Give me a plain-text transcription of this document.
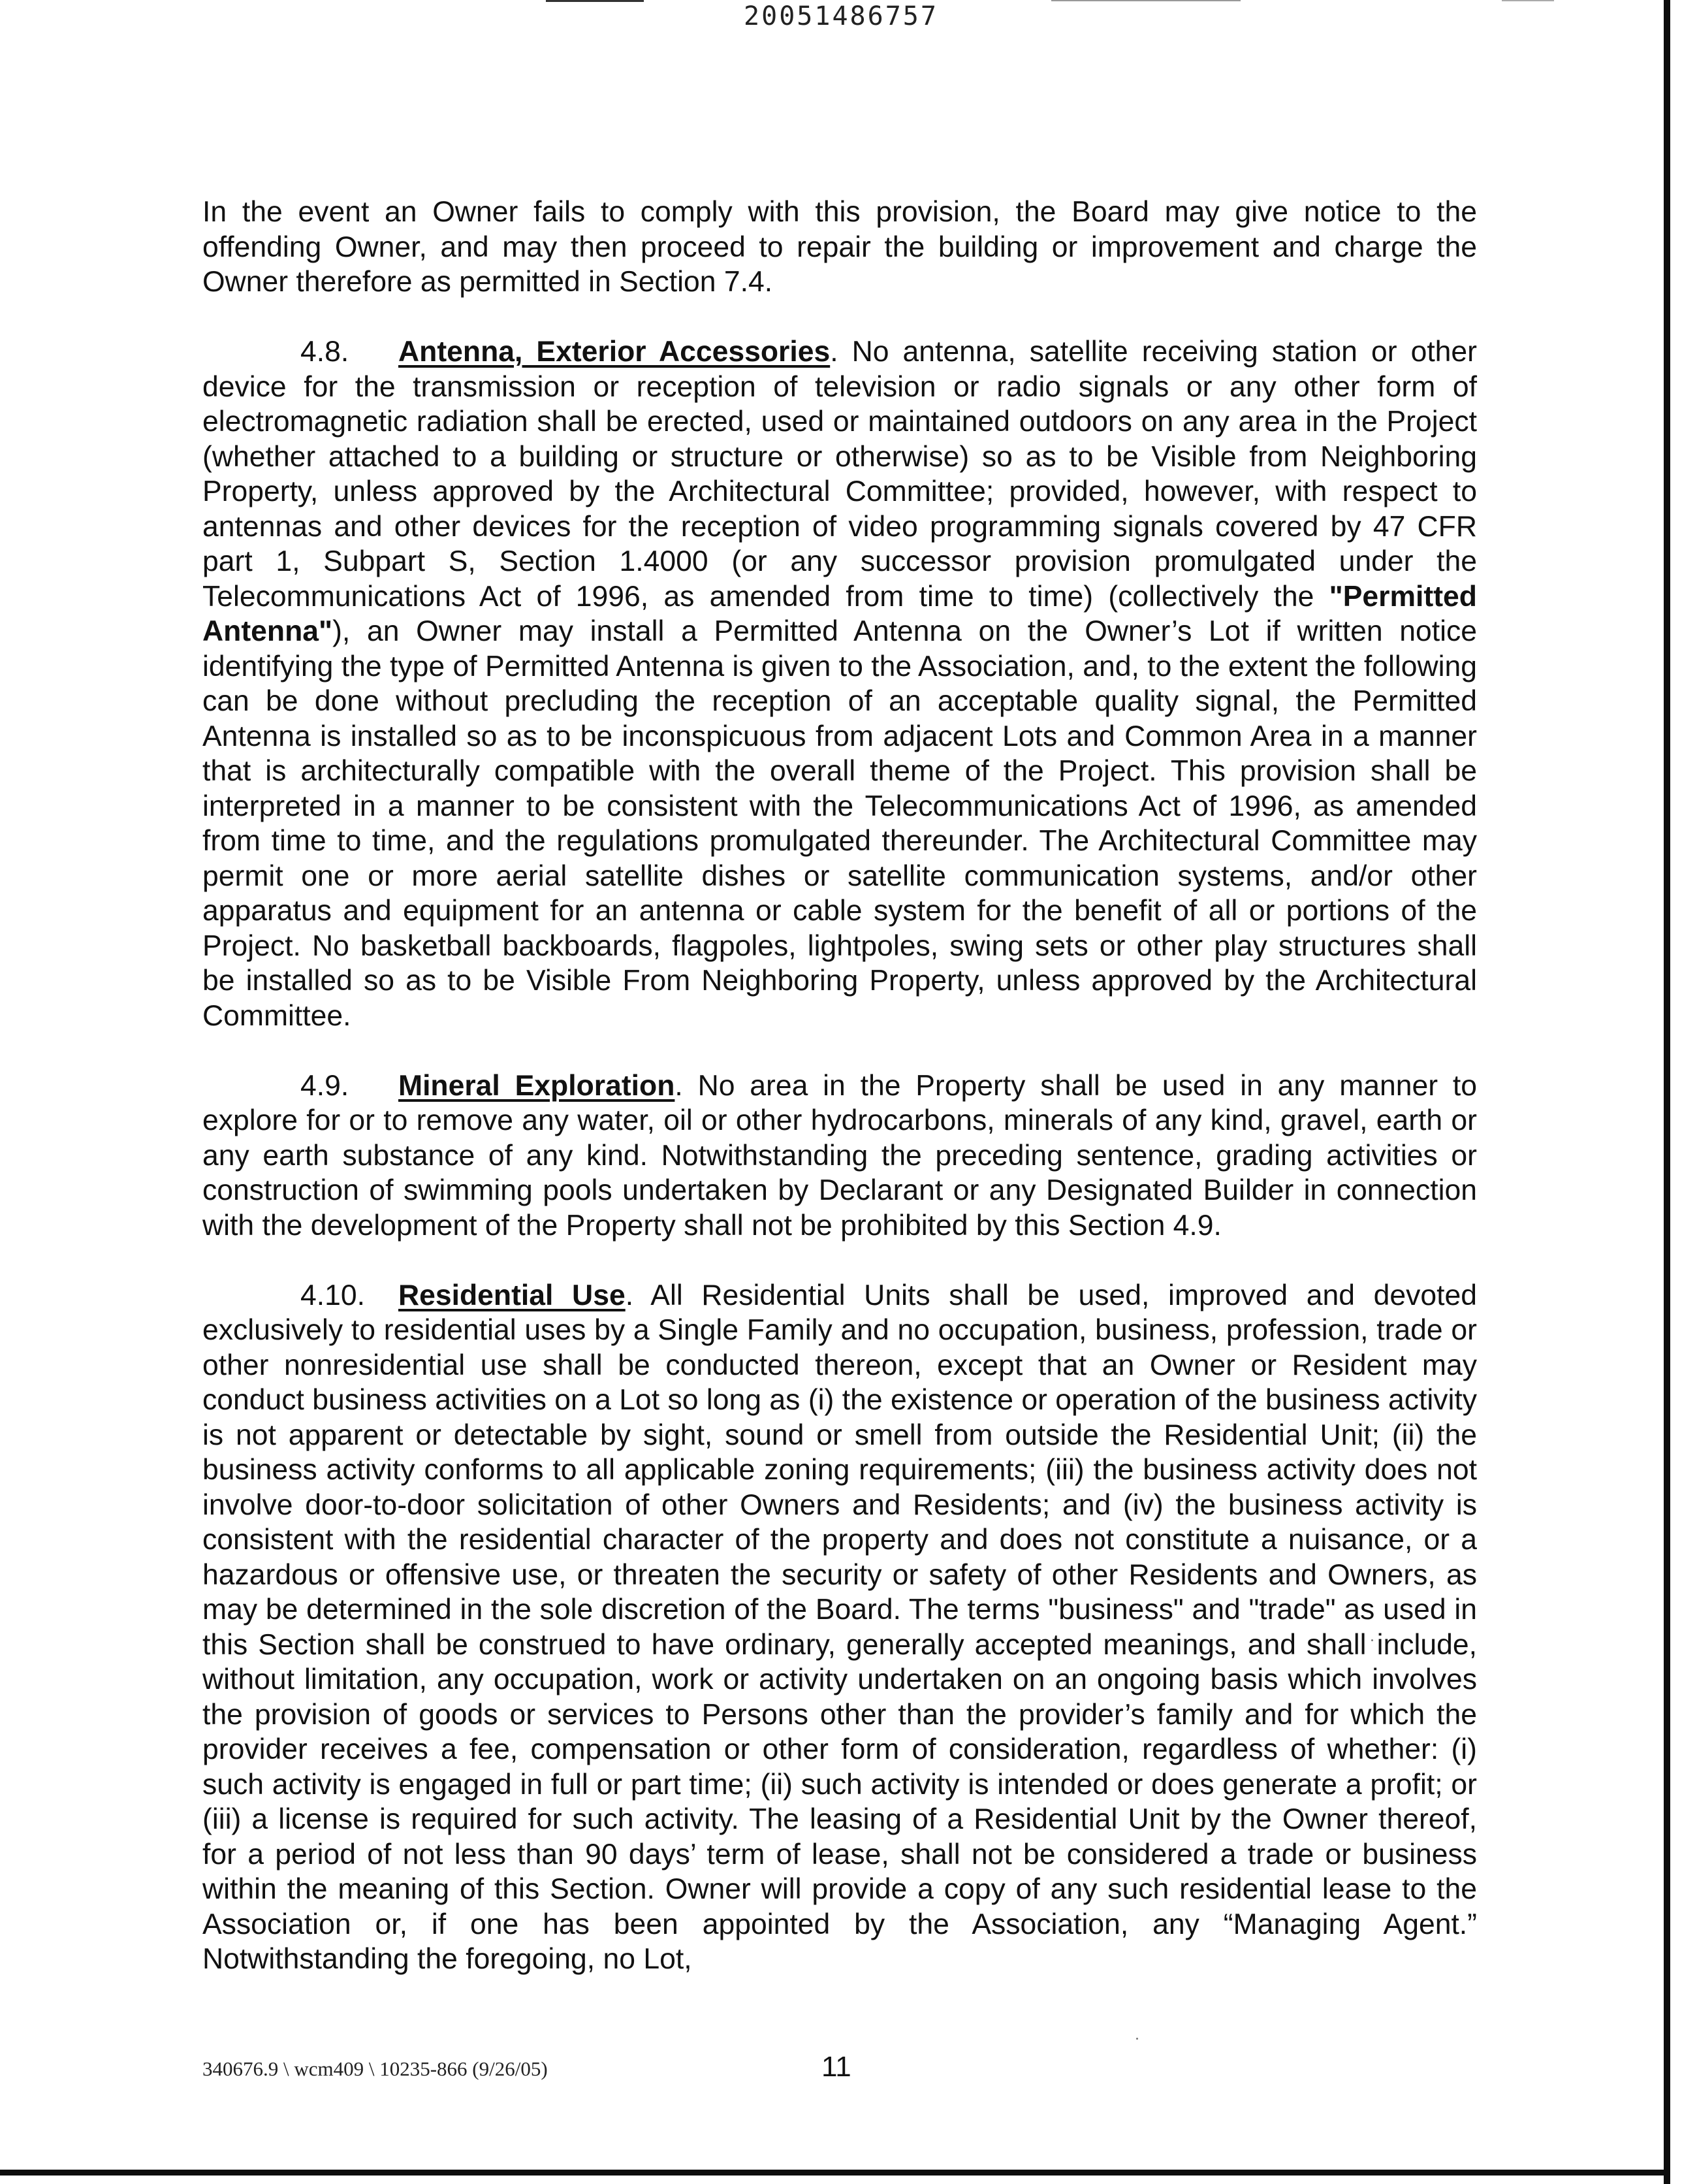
20051486757

In the event an Owner fails to comply with this provision, the Board may give notice to the offending Owner, and may then proceed to repair the building or improvement and charge the Owner therefore as permitted in Section 7.4.

4.8. Antenna, Exterior Accessories. No antenna, satellite receiving station or other device for the transmission or reception of television or radio signals or any other form of electromagnetic radiation shall be erected, used or maintained outdoors on any area in the Project (whether attached to a building or structure or otherwise) so as to be Visible from Neighboring Property, unless approved by the Architectural Committee; provided, however, with respect to antennas and other devices for the reception of video programming signals covered by 47 CFR part 1, Subpart S, Section 1.4000 (or any successor provision promulgated under the Telecommunications Act of 1996, as amended from time to time) (collectively the "Permitted Antenna"), an Owner may install a Permitted Antenna on the Owner’s Lot if written notice identifying the type of Permitted Antenna is given to the Association, and, to the extent the following can be done without precluding the reception of an acceptable quality signal, the Permitted Antenna is installed so as to be inconspicuous from adjacent Lots and Common Area in a manner that is architecturally compatible with the overall theme of the Project. This provision shall be interpreted in a manner to be consistent with the Telecommunications Act of 1996, as amended from time to time, and the regulations promulgated thereunder. The Architectural Committee may permit one or more aerial satellite dishes or satellite communication systems, and/or other apparatus and equipment for an antenna or cable system for the benefit of all or portions of the Project. No basketball backboards, flagpoles, lightpoles, swing sets or other play structures shall be installed so as to be Visible From Neighboring Property, unless approved by the Architectural Committee.

4.9. Mineral Exploration. No area in the Property shall be used in any manner to explore for or to remove any water, oil or other hydrocarbons, minerals of any kind, gravel, earth or any earth substance of any kind. Notwithstanding the preceding sentence, grading activities or construction of swimming pools undertaken by Declarant or any Designated Builder in connection with the development of the Property shall not be prohibited by this Section 4.9.

4.10. Residential Use. All Residential Units shall be used, improved and devoted exclusively to residential uses by a Single Family and no occupation, business, profession, trade or other nonresidential use shall be conducted thereon, except that an Owner or Resident may conduct business activities on a Lot so long as (i) the existence or operation of the business activity is not apparent or detectable by sight, sound or smell from outside the Residential Unit; (ii) the business activity conforms to all applicable zoning requirements; (iii) the business activity does not involve door-to-door solicitation of other Owners and Residents; and (iv) the business activity is consistent with the residential character of the property and does not constitute a nuisance, or a hazardous or offensive use, or threaten the security or safety of other Residents and Owners, as may be determined in the sole discretion of the Board. The terms "business" and "trade" as used in this Section shall be construed to have ordinary, generally accepted meanings, and shall include, without limitation, any occupation, work or activity undertaken on an ongoing basis which involves the provision of goods or services to Persons other than the provider’s family and for which the provider receives a fee, compensation or other form of consideration, regardless of whether: (i) such activity is engaged in full or part time; (ii) such activity is intended or does generate a profit; or (iii) a license is required for such activity. The leasing of a Residential Unit by the Owner thereof, for a period of not less than 90 days’ term of lease, shall not be considered a trade or business within the meaning of this Section. Owner will provide a copy of any such residential lease to the Association or, if one has been appointed by the Association, any “Managing Agent.” Notwithstanding the foregoing, no Lot,

340676.9 \ wcm409 \ 10235-866 (9/26/05)	11
